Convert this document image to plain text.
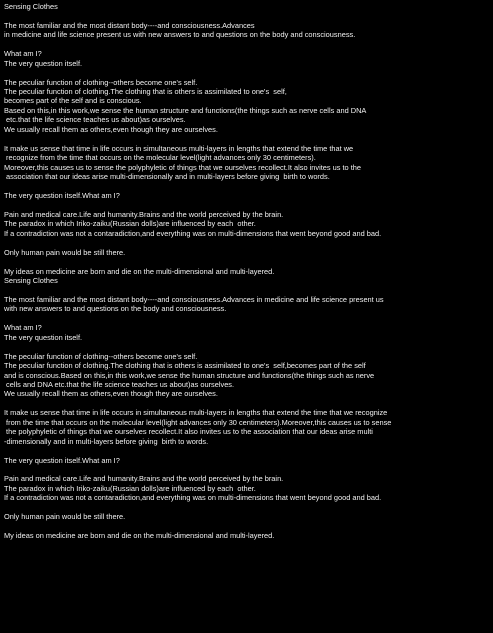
Sensing Clothes
The most familiar and the most distant body----and consciousness.Advances
in medicine and life science present us with new answers to and questions on the body and consciousness.
What am I?
The very question itself.
The peculiar function of clothing--others become one's self.
The peculiar function of clothing.The clothing that is others is assimilated to one's  self,
becomes part of the self and is conscious.
Based on this,in this work,we sense the human structure and functions(the things such as nerve cells and DNA
etc.that the life science teaches us about)as ourselves.
We usually recall them as others,even though they are ourselves.
It make us sense that time in life occurs in simultaneous multi-layers in lengths that extend the time that we
recognize from the time that occurs on the molecular level(light advances only 30 centimeters).
Moreover,this causes us to sense the polyphyletic of things that we ourselves recollect.It also invites us to the
association that our ideas arise multi-dimensionally and in multi-layers before giving  birth to words.
The very question itself.What am I?
Pain and medical care.Life and humanity.Brains and the world perceived by the brain.
The paradox in which Iriko-zaiku(Russian dolls)are influenced by each  other.
If a contradiction was not a contaradiction,and everything was on multi-dimensions that went beyond good and bad.
Only human pain would be still there.
My ideas on medicine are born and die on the multi-dimensional and multi-layered.
Sensing Clothes
The most familiar and the most distant body----and consciousness.Advances in medicine and life science present us
with new answers to and questions on the body and consciousness.
What am I?
The very question itself.
The peculiar function of clothing--others become one's self.
The peculiar function of clothing.The clothing that is others is assimilated to one's  self,becomes part of the self
and is conscious.Based on this,in this work,we sense the human structure and functions(the things such as nerve
cells and DNA etc.that the life science teaches us about)as ourselves.
We usually recall them as others,even though they are ourselves.
It make us sense that time in life occurs in simultaneous multi-layers in lengths that extend the time that we recognize
from the time that occurs on the molecular level(light advances only 30 centimeters).Moreover,this causes us to sense
the polyphyletic of things that we ourselves recollect.It also invites us to the association that our ideas arise multi
-dimensionally and in multi-layers before giving  birth to words.
The very question itself.What am I?
Pain and medical care.Life and humanity.Brains and the world perceived by the brain.
The paradox in which Iriko-zaiku(Russian dolls)are influenced by each  other.
If a contradiction was not a contaradiction,and everything was on multi-dimensions that went beyond good and bad.
Only human pain would be still there.
My ideas on medicine are born and die on the multi-dimensional and multi-layered.
